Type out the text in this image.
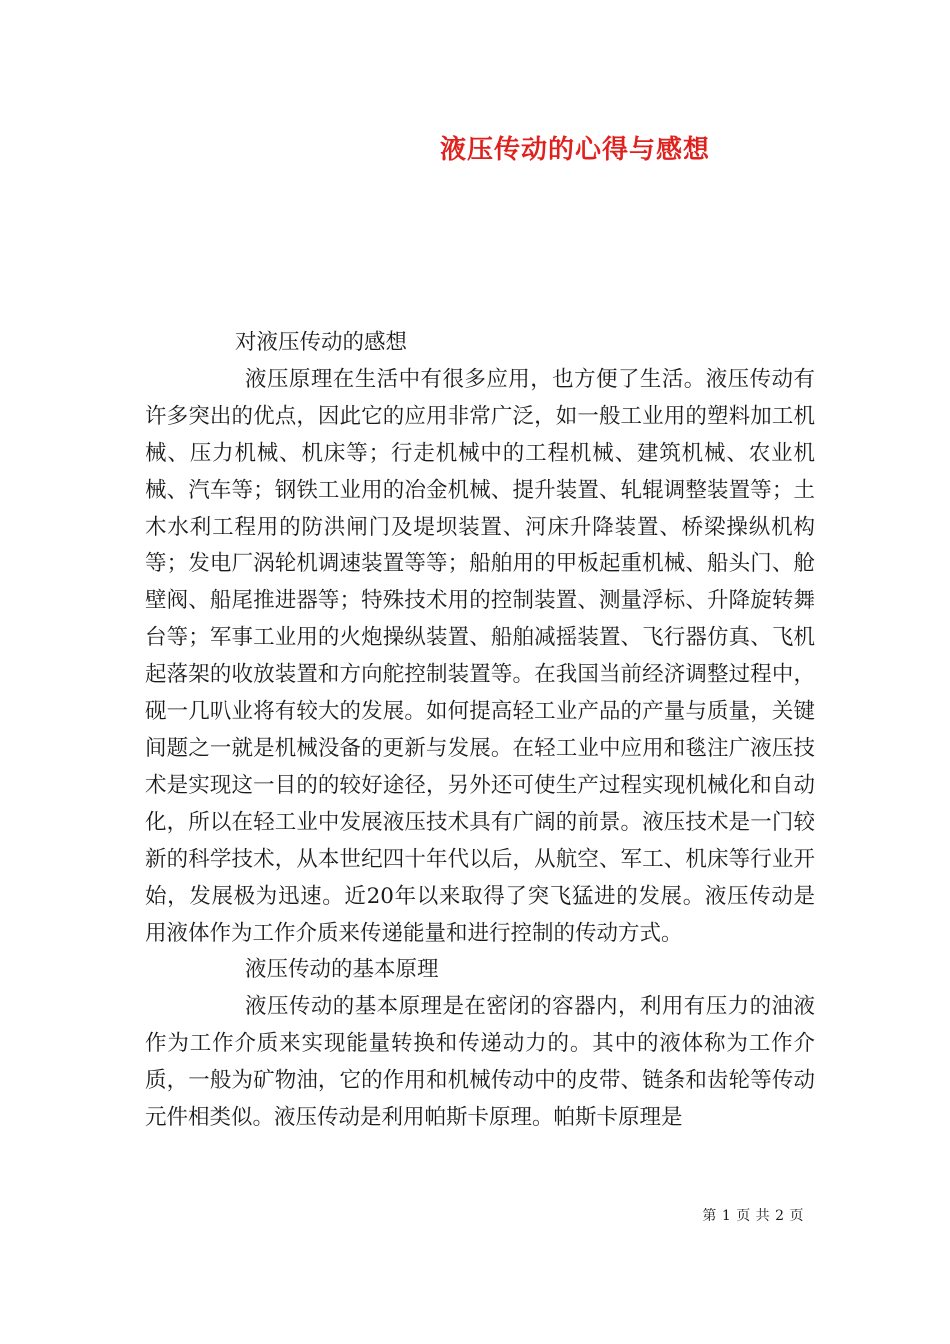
液压传动的心得与感想

对液压传动的感想

液压原理在生活中有很多应用，也方便了生活。液压传动有许多突出的优点，因此它的应用非常广泛，如一般工业用的塑料加工机械、压力机械、机床等；行走机械中的工程机械、建筑机械、农业机械、汽车等；钢铁工业用的冶金机械、提升装置、轧辊调整装置等；土木水利工程用的防洪闸门及堤坝装置、河床升降装置、桥梁操纵机构等；发电厂涡轮机调速装置等等；船舶用的甲板起重机械、船头门、舱壁阀、船尾推进器等；特殊技术用的控制装置、测量浮标、升降旋转舞台等；军事工业用的火炮操纵装置、船舶减摇装置、飞行器仿真、飞机起落架的收放装置和方向舵控制装置等。在我国当前经济调整过程中，砚一几叭业将有较大的发展。如何提高轻工业产品的产量与质量，关键间题之一就是机械没备的更新与发展。在轻工业中应用和毯注广液压技术是实现这一目的的较好途径，另外还可使生产过程实现机械化和自动化，所以在轻工业中发展液压技术具有广阔的前景。液压技术是一门较新的科学技术，从本世纪四十年代以后，从航空、军工、机床等行业开始，发展极为迅速。近20年以来取得了突飞猛进的发展。液压传动是用液体作为工作介质来传递能量和进行控制的传动方式。

液压传动的基本原理

液压传动的基本原理是在密闭的容器内，利用有压力的油液作为工作介质来实现能量转换和传递动力的。其中的液体称为工作介质，一般为矿物油，它的作用和机械传动中的皮带、链条和齿轮等传动元件相类似。液压传动是利用帕斯卡原理。帕斯卡原理是

第 1 页 共 2 页
